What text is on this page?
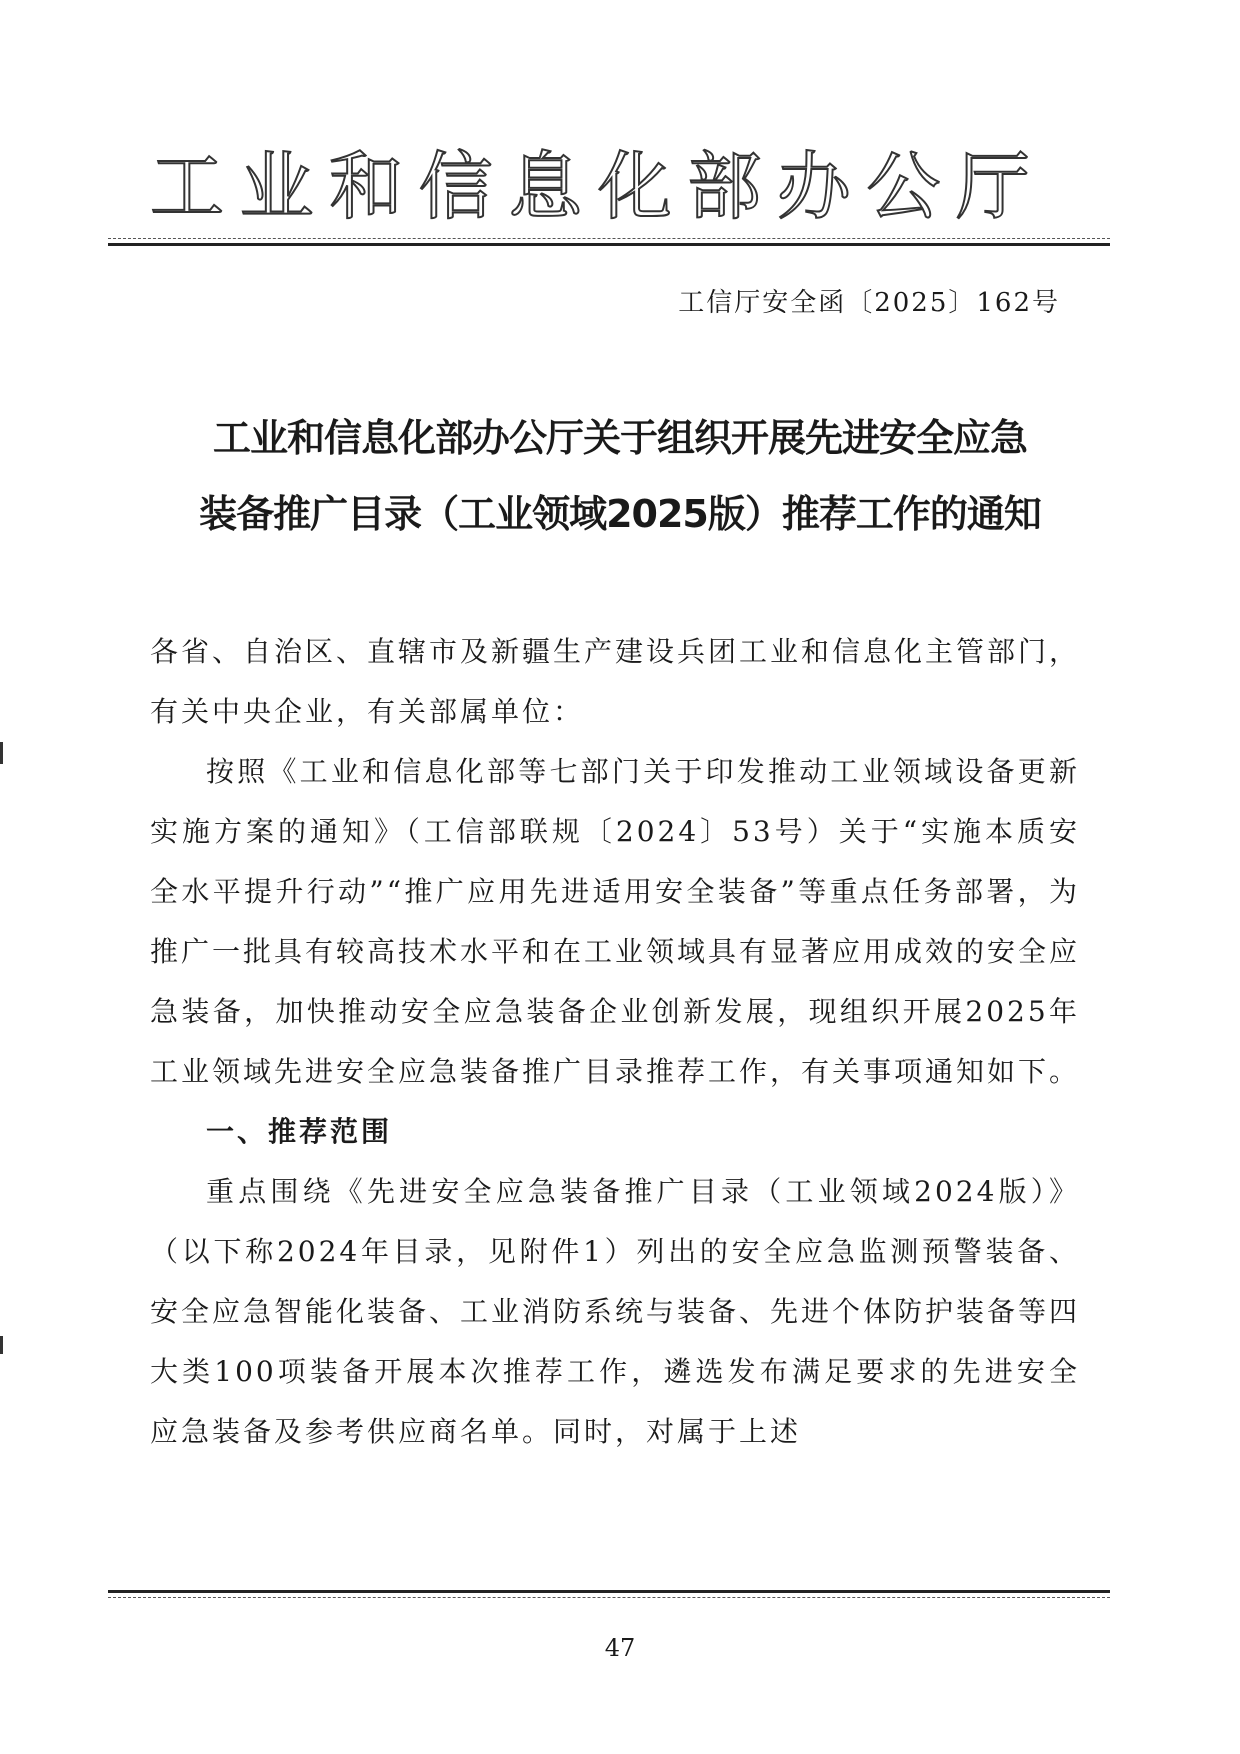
工 业 和 信 息 化 部 办 公 厅
工信厅安全函〔2025〕162号
工业和信息化部办公厅关于组织开展先进安全应急
装备推广目录（工业领域2025版）推荐工作的通知

各省、自治区、直辖市及新疆生产建设兵团工业和信息化主管部门，有关中央企业，有关部属单位：

按照《工业和信息化部等七部门关于印发推动工业领域设备更新实施方案的通知》（工信部联规〔2024〕53号）关于“实施本质安全水平提升行动”“推广应用先进适用安全装备”等重点任务部署，为推广一批具有较高技术水平和在工业领域具有显著应用成效的安全应急装备，加快推动安全应急装备企业创新发展，现组织开展2025年工业领域先进安全应急装备推广目录推荐工作，有关事项通知如下。

一、推荐范围

重点围绕《先进安全应急装备推广目录（工业领域2024版）》（以下称2024年目录，见附件1）列出的安全应急监测预警装备、安全应急智能化装备、工业消防系统与装备、先进个体防护装备等四大类100项装备开展本次推荐工作，遴选发布满足要求的先进安全应急装备及参考供应商名单。同时，对属于上述

47
